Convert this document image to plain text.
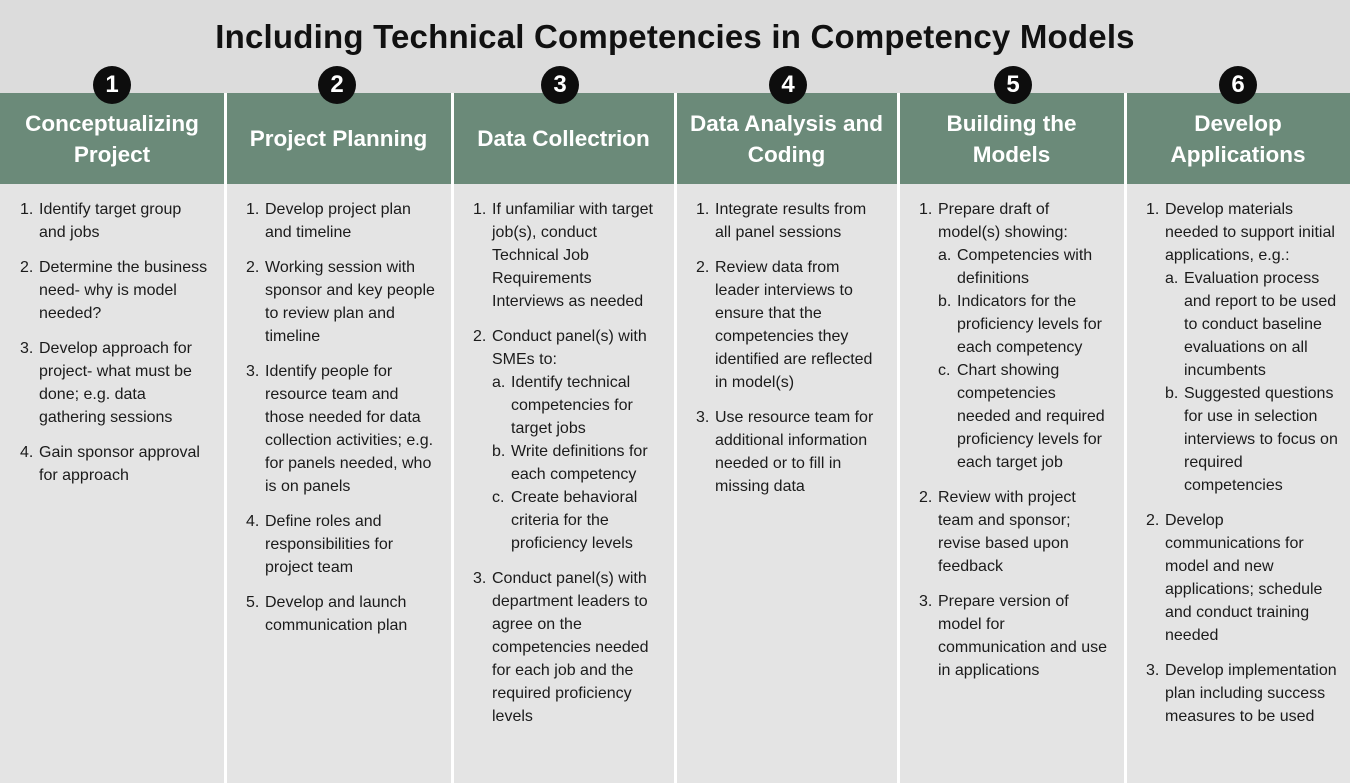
Including Technical Competencies in Competency Models
Conceptualizing Project
1. Identify target group and jobs
2. Determine the business need- why is model needed?
3. Develop approach for project- what must be done; e.g. data gathering sessions
4. Gain sponsor approval for approach
1
Project Planning
1. Develop project plan and timeline
2. Working session with sponsor and key people to review plan and timeline
3. Identify people for resource team and those needed for data collection activities; e.g. for panels needed, who is on panels
4. Define roles and responsibilities for project team
5. Develop and launch communication plan
2
Data Collectrion
1. If unfamiliar with target job(s), conduct Technical Job Requirements Interviews as needed
2. Conduct panel(s) with SMEs to:
a. Identify technical competencies for target jobs
b. Write definitions for each competency
c. Create behavioral criteria for the proficiency levels
3. Conduct panel(s) with department leaders to agree on the competencies needed for each job and the required proficiency levels
3
Data Analysis and Coding
1. Integrate results from all panel sessions
2. Review data from leader interviews to ensure that the competencies they identified are reflected in model(s)
3. Use resource team for additional information needed or to fill in missing data
4
Building the Models
1. Prepare draft of model(s) showing:
a. Competencies with definitions
b. Indicators for the proficiency levels for each competency
c. Chart showing competencies needed and required proficiency levels for each target job
2. Review with project team and sponsor; revise based upon feedback
3. Prepare version of model for communication and use in applications
5
Develop Applications
1. Develop materials needed to support initial applications, e.g.:
a. Evaluation process and report to be used to conduct baseline evaluations on all incumbents
b. Suggested questions for use in selection interviews to focus on required competencies
2. Develop communications for model and new applications; schedule and conduct training needed
3. Develop implementation plan including success measures to be used
6
